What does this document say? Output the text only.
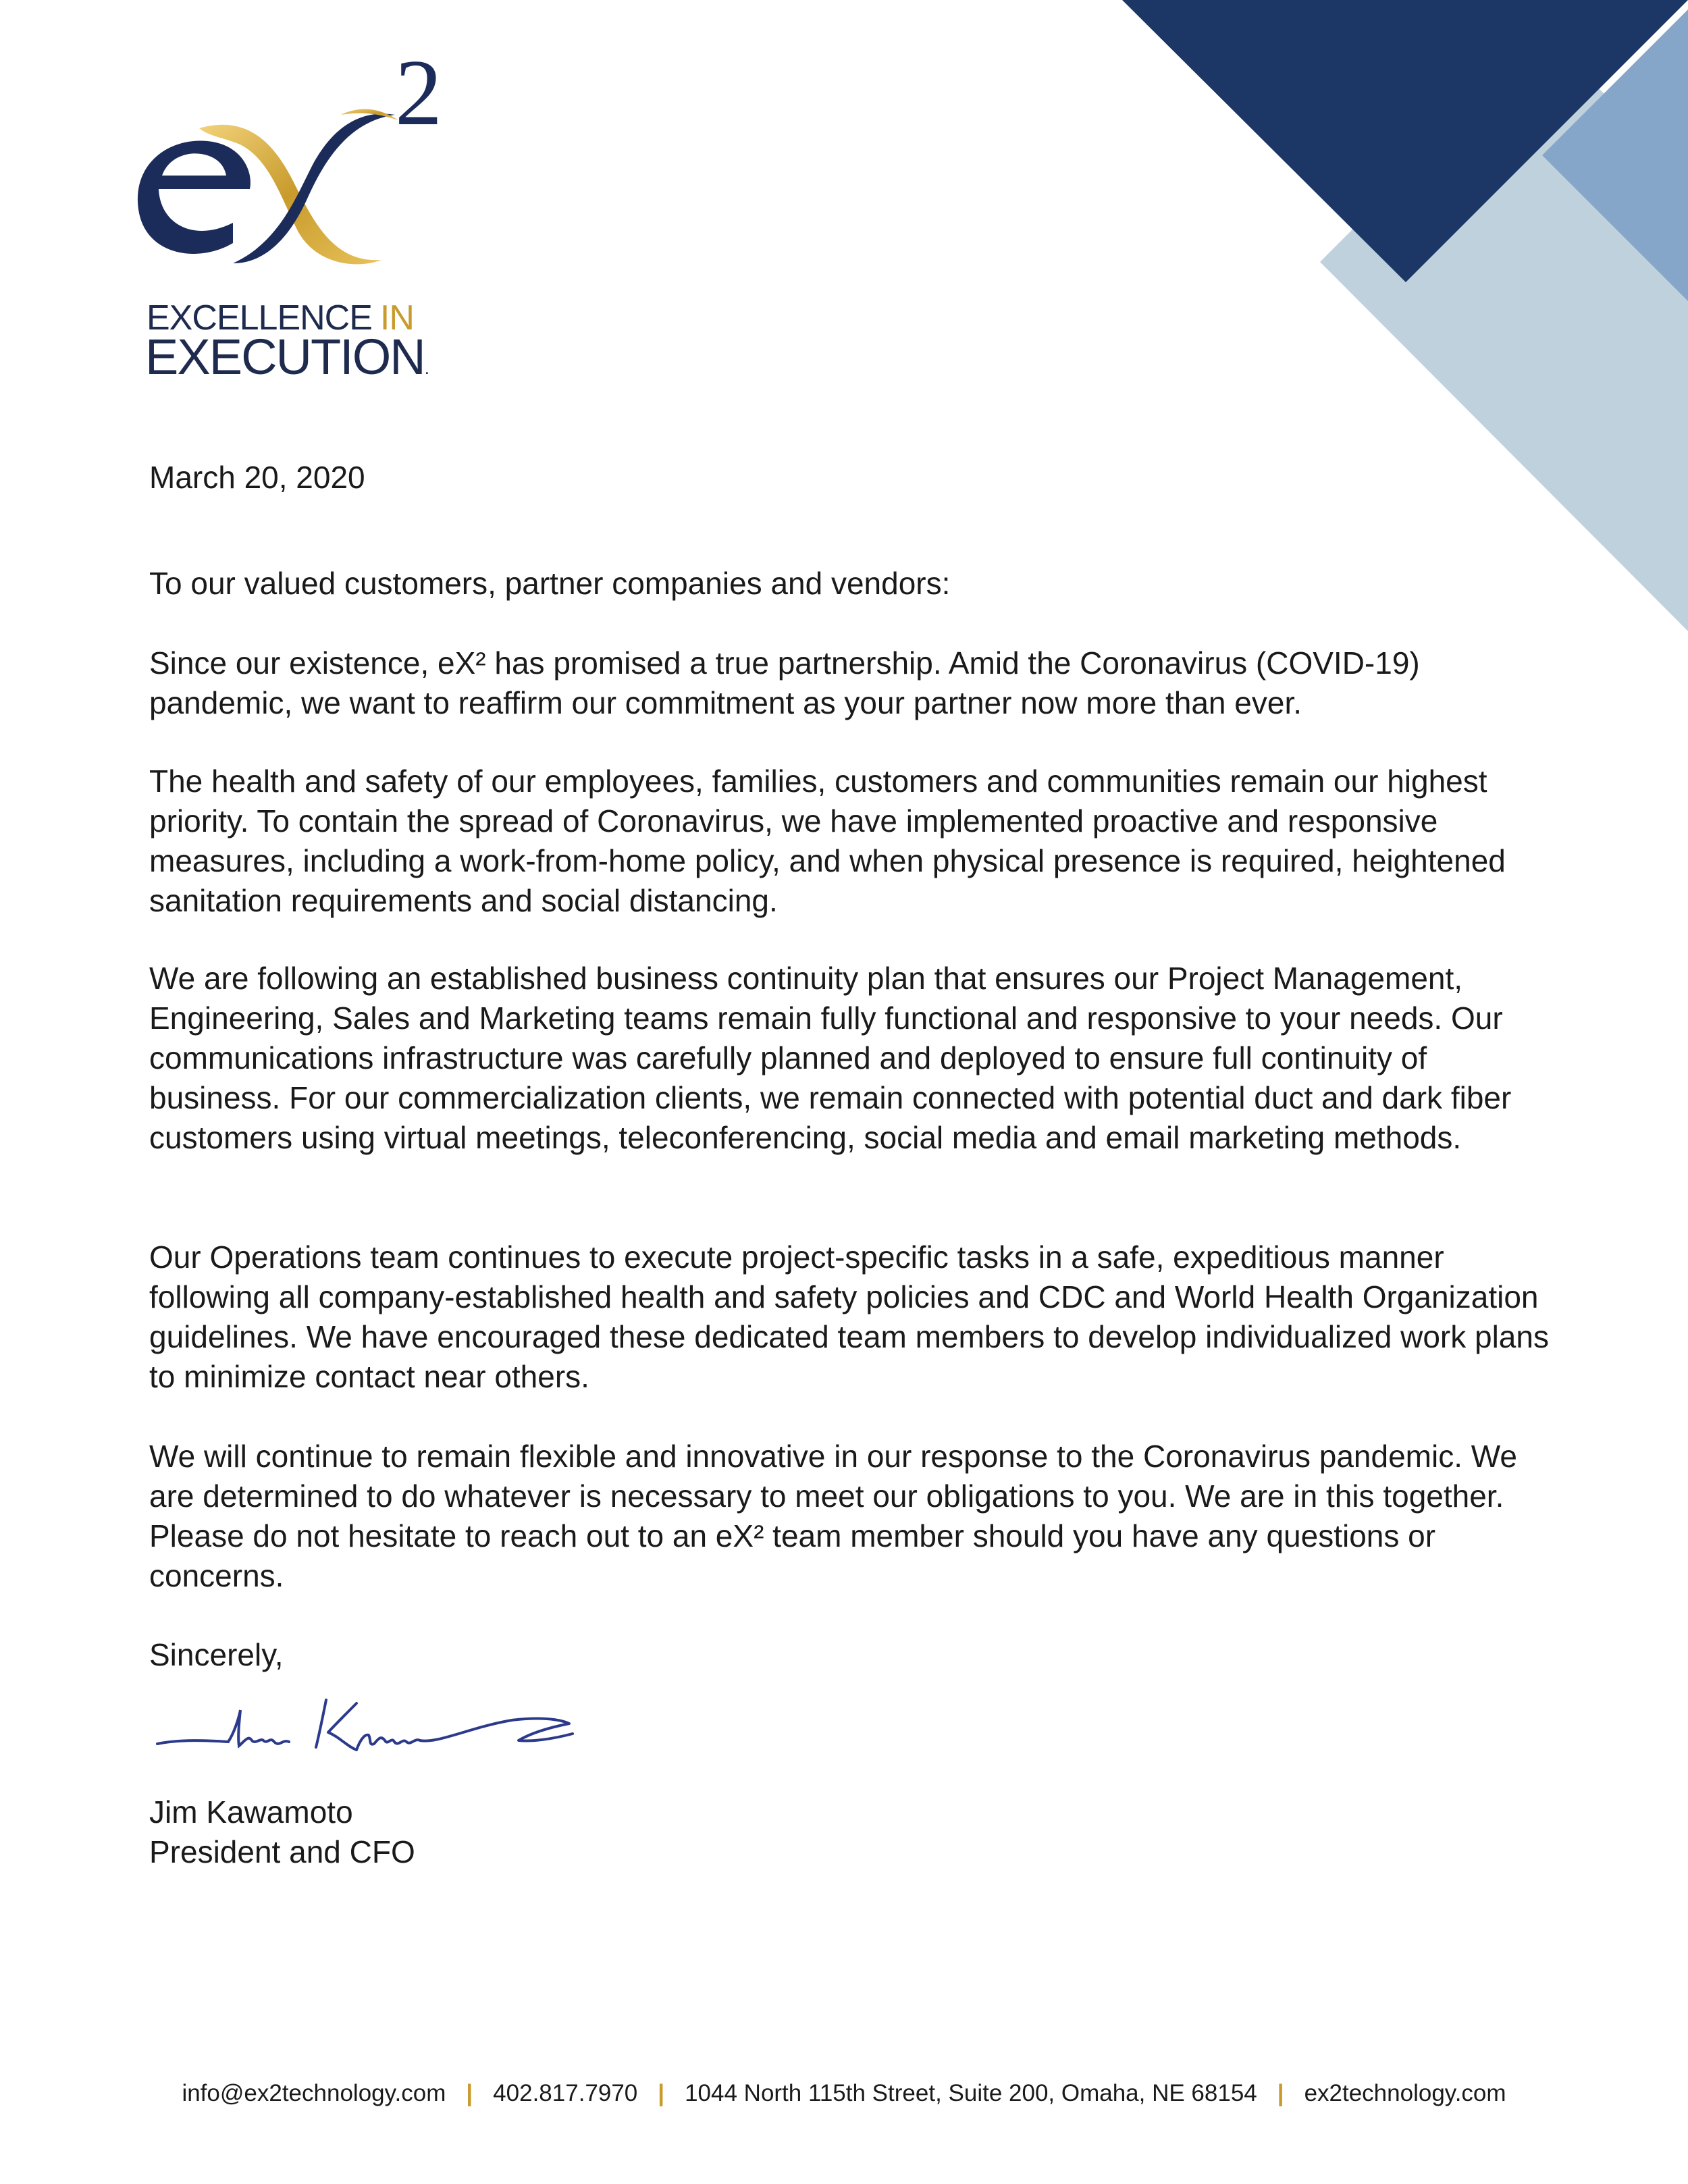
2
EXCELLENCE IN
EXECUTION.
March 20, 2020
To our valued customers, partner companies and vendors:

Since our existence, eX² has promised a true partnership. Amid the Coronavirus (COVID-19) pandemic, we want to reaffirm our commitment as your partner now more than ever.

The health and safety of our employees, families, customers and communities remain our highest priority. To contain the spread of Coronavirus, we have implemented proactive and responsive measures, including a work-from-home policy, and when physical presence is required, heightened sanitation requirements and social distancing.

We are following an established business continuity plan that ensures our Project Management, Engineering, Sales and Marketing teams remain fully functional and responsive to your needs. Our communications infrastructure was carefully planned and deployed to ensure full continuity of business. For our commercialization clients, we remain connected with potential duct and dark fiber customers using virtual meetings, teleconferencing, social media and email marketing methods.

Our Operations team continues to execute project-specific tasks in a safe, expeditious manner following all company-established health and safety policies and CDC and World Health Organization guidelines. We have encouraged these dedicated team members to develop individualized work plans to minimize contact near others.

We will continue to remain flexible and innovative in our response to the Coronavirus pandemic. We are determined to do whatever is necessary to meet our obligations to you. We are in this together. Please do not hesitate to reach out to an eX² team member should you have any questions or concerns.

Sincerely,
Jim Kawamoto
President and CFO
info@ex2technology.com | 402.817.7970 | 1044 North 115th Street, Suite 200, Omaha, NE 68154 | ex2technology.com
